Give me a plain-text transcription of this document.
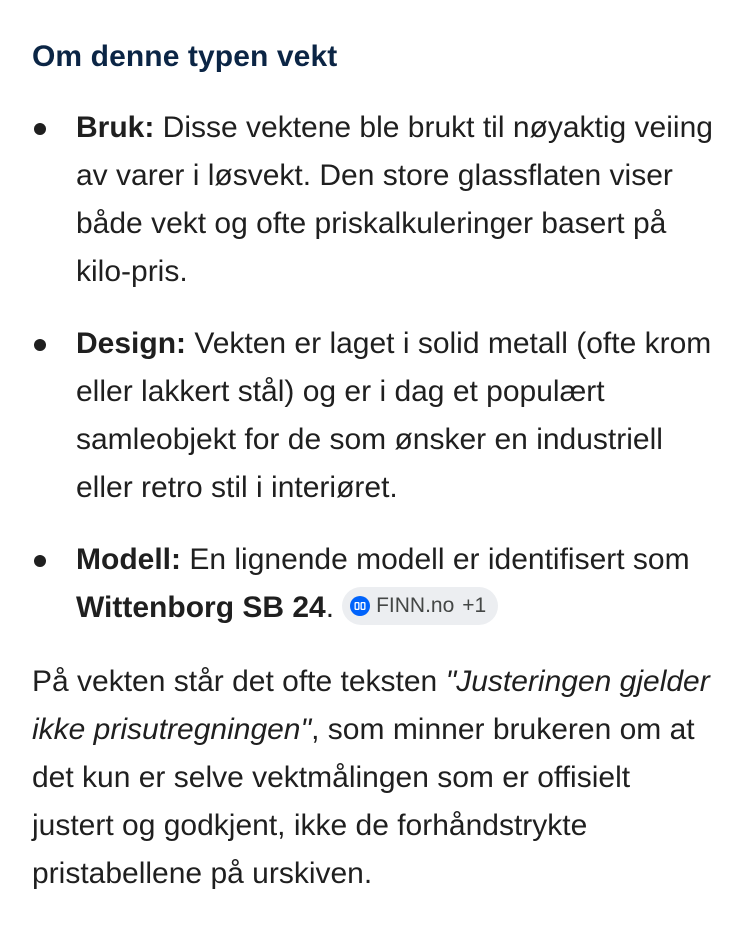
Om denne typen vekt
Bruk: Disse vektene ble brukt til nøyaktig veiing av varer i løsvekt. Den store glassflaten viser både vekt og ofte priskalkuleringer basert på kilo-pris.
Design: Vekten er laget i solid metall (ofte krom eller lakkert stål) og er i dag et populært samleobjekt for de som ønsker en industriell eller retro stil i interiøret.
Modell: En lignende modell er identifisert som Wittenborg SB 24. FINN.no +1

På vekten står det ofte teksten "Justeringen gjelder ikke prisutregningen", som minner brukeren om at det kun er selve vektmålingen som er offisielt justert og godkjent, ikke de forhåndstrykte pristabellene på urskiven.
